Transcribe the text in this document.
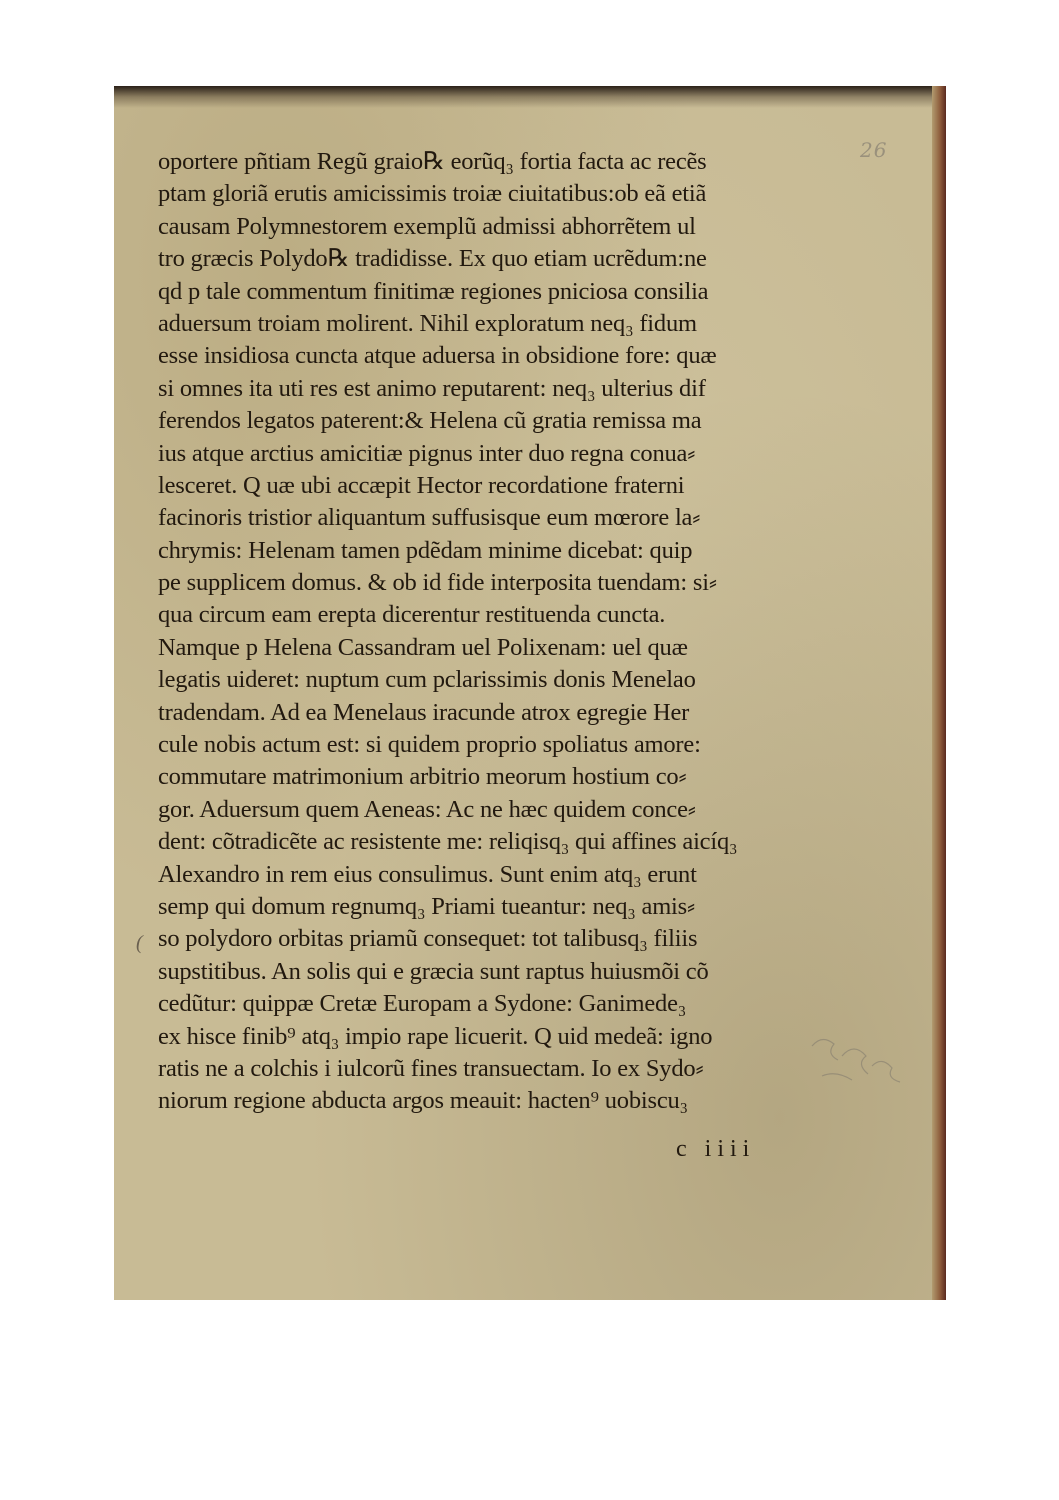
26
oportere pñtiam Regũ graio℞ eorũq₃ fortia facta ac recẽs
ptam gloriã erutis amicissimis troiæ ciuitatibus:ob eã etiã
causam Polymnestorem exemplũ admissi abhorrẽtem ul
tro græcis Polydo℞ tradidisse. Ex quo etiam ucrẽdum:ne
qd p tale commentum finitimæ regiones pniciosa consilia
aduersum troiam molirent. Nihil exploratum neq₃ fidum
esse insidiosa cuncta atque aduersa in obsidione fore: quæ
si omnes ita uti res est animo reputarent: neq₃ ulterius dif
ferendos legatos paterent:& Helena cũ gratia remissa ma
ius atque arctius amicitiæ pignus inter duo regna conua⸗
lesceret. Q uæ ubi accæpit Hector recordatione fraterni
facinoris tristior aliquantum suffusisque eum mœrore la⸗
chrymis: Helenam tamen pdẽdam minime dicebat: quip
pe supplicem domus. & ob id fide interposita tuendam: si⸗
qua circum eam erepta dicerentur restituenda cuncta.
Namque p Helena Cassandram uel Polixenam: uel quæ
legatis uideret: nuptum cum pclarissimis donis Menelao
tradendam. Ad ea Menelaus iracunde atrox egregie Her
cule nobis actum est: si quidem proprio spoliatus amore:
commutare matrimonium arbitrio meorum hostium co⸗
gor. Aduersum quem Aeneas: Ac ne hæc quidem conce⸗
dent: cõtradicẽte ac resistente me: reliqisq₃ qui affines aicíq₃
Alexandro in rem eius consulimus. Sunt enim atq₃ erunt
semp qui domum regnumq₃ Priami tueantur: neq₃ amis⸗
so polydoro orbitas priamũ consequet: tot talibusq₃ filiis
supstitibus. An solis qui e græcia sunt raptus huiusmõi cõ
cedũtur: quippæ Cretæ Europam a Sydone: Ganimede₃
ex hisce finib⁹ atq₃ impio rape licuerit. Q uid medeã: igno
ratis ne a colchis i iulcorũ fines transuectam. Io ex Sydo⸗
niorum regione abducta argos meauit: hacten⁹ uobiscu₃
(
c iiii
